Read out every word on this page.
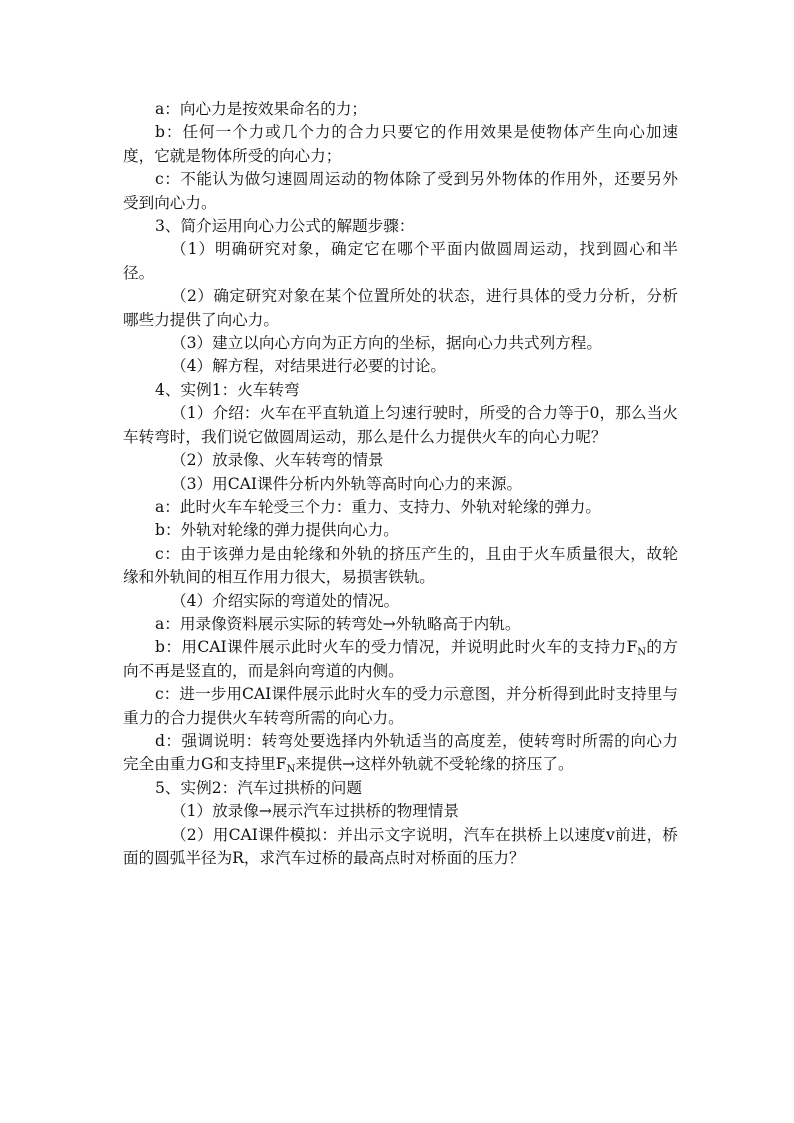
a：向心力是按效果命名的力；

b：任何一个力或几个力的合力只要它的作用效果是使物体产生向心加速度，它就是物体所受的向心力；

c：不能认为做匀速圆周运动的物体除了受到另外物体的作用外，还要另外受到向心力。

3、简介运用向心力公式的解题步骤：

（1）明确研究对象，确定它在哪个平面内做圆周运动，找到圆心和半径。

（2）确定研究对象在某个位置所处的状态，进行具体的受力分析，分析哪些力提供了向心力。

（3）建立以向心方向为正方向的坐标，据向心力共式列方程。

（4）解方程，对结果进行必要的讨论。

4、实例1：火车转弯

（1）介绍：火车在平直轨道上匀速行驶时，所受的合力等于0，那么当火车转弯时，我们说它做圆周运动，那么是什么力提供火车的向心力呢？

（2）放录像、火车转弯的情景

（3）用CAI课件分析内外轨等高时向心力的来源。

a：此时火车车轮受三个力：重力、支持力、外轨对轮缘的弹力。

b：外轨对轮缘的弹力提供向心力。

c：由于该弹力是由轮缘和外轨的挤压产生的，且由于火车质量很大，故轮缘和外轨间的相互作用力很大，易损害铁轨。

（4）介绍实际的弯道处的情况。

a：用录像资料展示实际的转弯处→外轨略高于内轨。

b：用CAI课件展示此时火车的受力情况，并说明此时火车的支持力$F_N$的方向不再是竖直的，而是斜向弯道的内侧。

c：进一步用CAI课件展示此时火车的受力示意图，并分析得到此时支持里与重力的合力提供火车转弯所需的向心力。

d：强调说明：转弯处要选择内外轨适当的高度差，使转弯时所需的向心力完全由重力G和支持里$F_N$来提供→这样外轨就不受轮缘的挤压了。

5、实例2：汽车过拱桥的问题

（1）放录像→展示汽车过拱桥的物理情景

（2）用CAI课件模拟：并出示文字说明，汽车在拱桥上以速度v前进，桥面的圆弧半径为R，求汽车过桥的最高点时对桥面的压力？
